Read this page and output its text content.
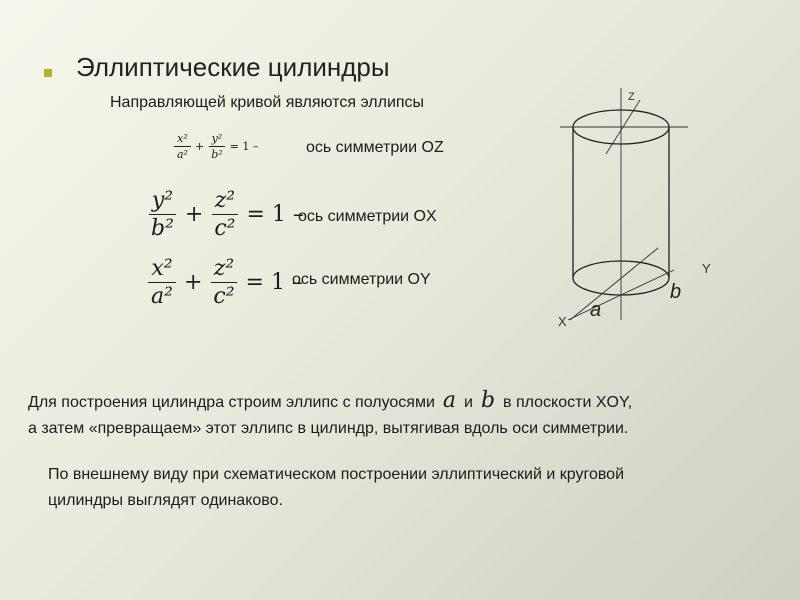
Эллиптические цилиндры
Направляющей кривой являются эллипсы
$\frac{\text{x²}}{\text{a²}} + \frac{\text{y²}}{\text{b²}} = 1$ –	ось симметрии OZ
$\frac{\text{y²}}{\text{b²}} + \frac{\text{z²}}{\text{c²}} = 1$ –
ось симметрии OX
$\frac{\text{x²}}{\text{a²}} + \frac{\text{z²}}{\text{c²}} = 1$ –
ось симметрии OY
Z
Y
X
a
b
Для построения цилиндра строим эллипс с полуосями a и b в плоскости XOY,
а затем «превращаем» этот эллипс в цилиндр, вытягивая вдоль оси симметрии.
По внешнему виду при схематическом построении эллиптический и круговой
цилиндры выглядят одинаково.
